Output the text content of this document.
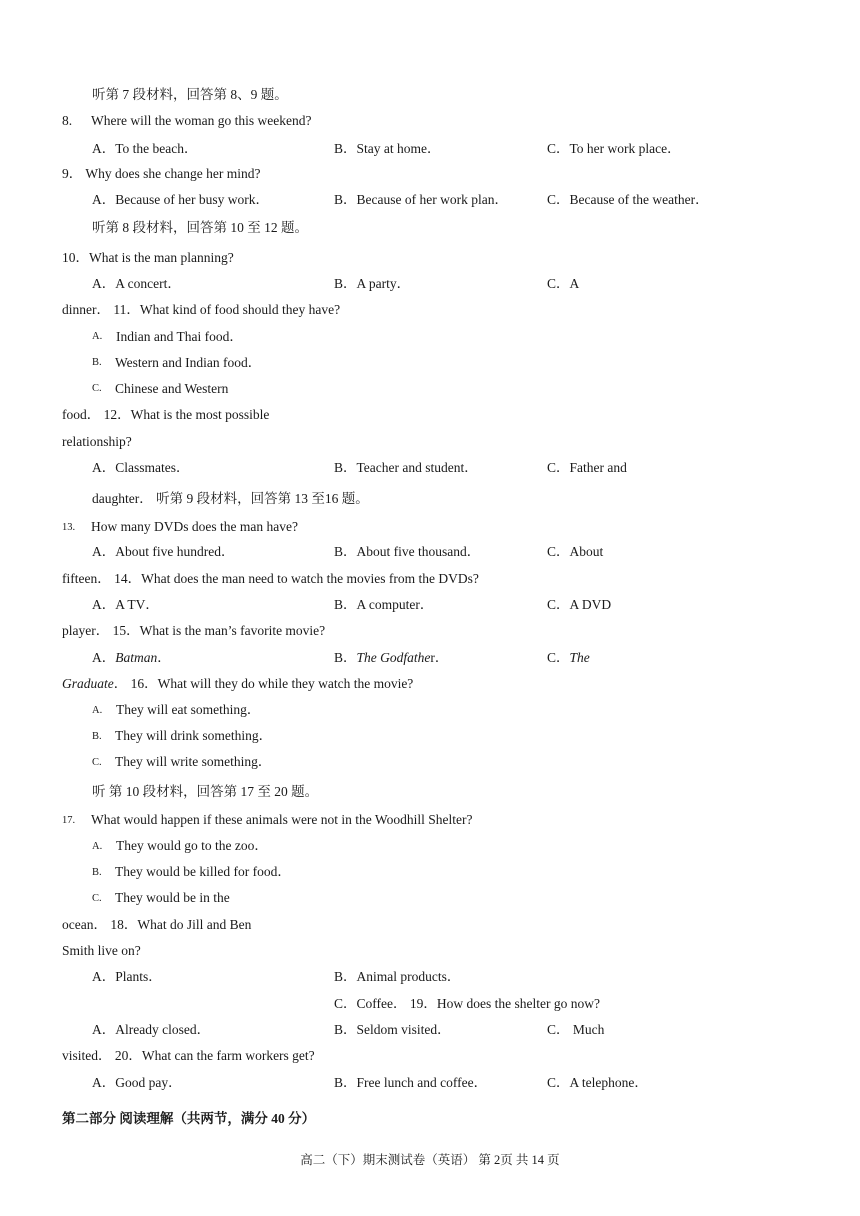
听第 7 段材料，回答第 8、9 题。
8. Where will the woman go this weekend?
A．To the beach．	B．Stay at home．	C．To her work place．
9． Why does she change her mind?
A．Because of her busy work．	B．Because of her work plan．	C．Because of the weather．
听第 8 段材料，回答第 10 至 12 题。
10．What is the man planning?
A．A concert．	B．A party．	C．A
dinner． 11．What kind of food should they have?
A. Indian and Thai food．
B. Western and Indian food．
C. Chinese and Western
food． 12．What is the most possible
relationship?
A．Classmates．	B．Teacher and student．	C．Father and
daughter． 听第 9 段材料，回答第 13 至16 题。
13. How many DVDs does the man have?
A．About five hundred．	B．About five thousand．	C．About
fifteen． 14．What does the man need to watch the movies from the DVDs?
A．A TV．	B．A computer．	C．A DVD
player． 15．What is the man’s favorite movie?
A．Batman．	B．The Godfather．	C．The
Graduate． 16．What will they do while they watch the movie?
A. They will eat something．
B. They will drink something．
C. They will write something．
听 第 10 段材料，回答第 17 至 20 题。
17. What would happen if these animals were not in the Woodhill Shelter?
A. They would go to the zoo．
B. They would be killed for food．
C. They would be in the
ocean． 18．What do Jill and Ben
Smith live on?
A．Plants．	B．Animal products．
C．Coffee． 19．How does the shelter go now?
A．Already closed．	B．Seldom visited．	C． Much
visited． 20．What can the farm workers get?
A．Good pay．	B．Free lunch and coffee．	C．A telephone．
第二部分 阅读理解（共两节，满分 40 分）
高二（下）期末测试卷（英语） 第 2页 共 14 页
